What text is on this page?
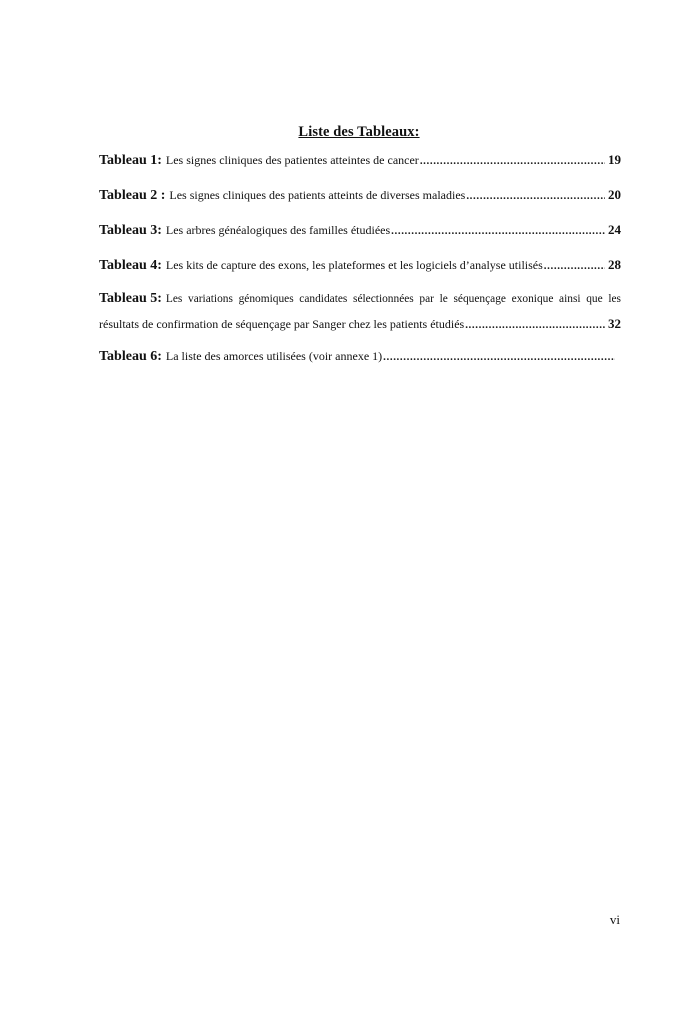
Liste des Tableaux:
Tableau 1: Les signes cliniques des patientes atteintes de cancer .....	19
Tableau 2 : Les signes cliniques des patients atteints de diverses maladies .....	20
Tableau 3: Les arbres généalogiques des familles étudiées .....	24
Tableau 4: Les kits de capture des exons, les plateformes et les logiciels d’analyse utilisés .....	28
Tableau 5: Les variations génomiques candidates sélectionnées par le séquençage exonique ainsi que les
résultats de confirmation de séquençage par Sanger chez les patients étudiés .....	32
Tableau 6: La liste des amorces utilisées (voir annexe 1)
.....
vi
